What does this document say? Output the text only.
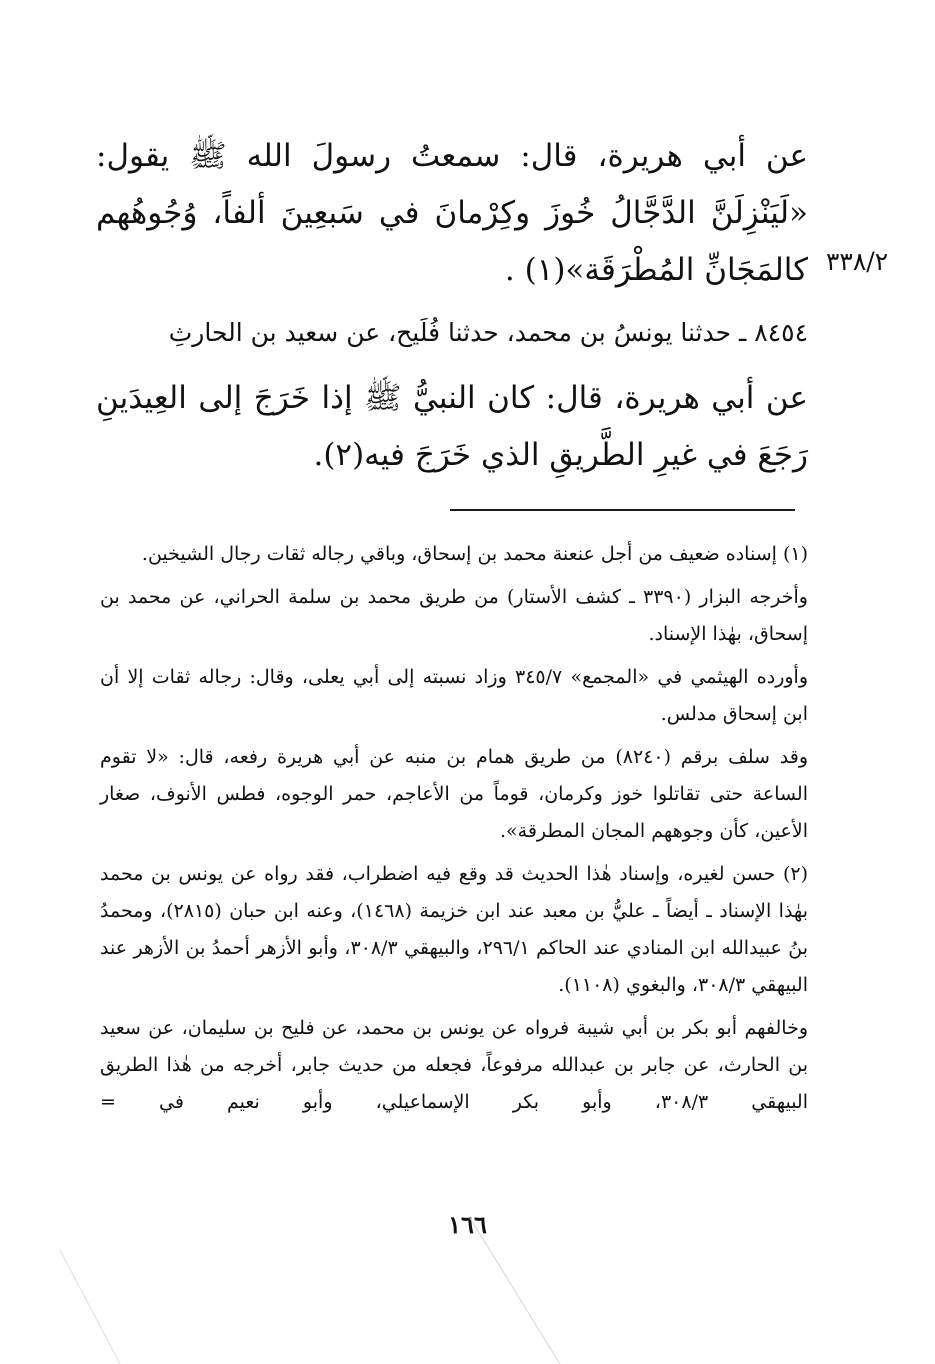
عن أبي هريرة، قال: سمعتُ رسولَ الله ﷺ يقول: «لَيَنْزِلَنَّ الدَّجَّالُ خُوزَ وكِرْمانَ في سَبعِينَ ألفاً، وُجُوهُهم كالمَجَانِّ المُطْرَقَة»(١) . ٣٣٨/٢
٨٤٥٤ ـ حدثنا يونسُ بن محمد، حدثنا فُلَيح، عن سعيد بن الحارثِ
عن أبي هريرة، قال: كان النبيُّ ﷺ إذا خَرَجَ إلى العِيدَينِ رَجَعَ في غيرِ الطَّريقِ الذي خَرَجَ فيه(٢).

(١) إسناده ضعيف من أجل عنعنة محمد بن إسحاق، وباقي رجاله ثقات رجال الشيخين.

وأخرجه البزار (٣٣٩٠ ـ كشف الأستار) من طريق محمد بن سلمة الحراني، عن محمد بن إسحاق، بهٰذا الإسناد.

وأورده الهيثمي في «المجمع» ٣٤٥/٧ وزاد نسبته إلى أبي يعلى، وقال: رجاله ثقات إلا أن ابن إسحاق مدلس.

وقد سلف برقم (٨٢٤٠) من طريق همام بن منبه عن أبي هريرة رفعه، قال: «لا تقوم الساعة حتى تقاتلوا خوز وكرمان، قوماً من الأعاجم، حمر الوجوه، فطس الأنوف، صغار الأعين، كأن وجوههم المجان المطرقة».

(٢) حسن لغيره، وإسناد هٰذا الحديث قد وقع فيه اضطراب، فقد رواه عن يونس بن محمد بهٰذا الإسناد ـ أيضاً ـ عليُّ بن معبد عند ابن خزيمة (١٤٦٨)، وعنه ابن حبان (٢٨١٥)، ومحمدُ بنُ عبيدالله ابن المنادي عند الحاكم ٢٩٦/١، والبيهقي ٣٠٨/٣، وأبو الأزهر أحمدُ بن الأزهر عند البيهقي ٣٠٨/٣، والبغوي (١١٠٨).

وخالفهم أبو بكر بن أبي شيبة فرواه عن يونس بن محمد، عن فليح بن سليمان، عن سعيد بن الحارث، عن جابر بن عبدالله مرفوعاً، فجعله من حديث جابر، أخرجه من هٰذا الطريق البيهقي ٣٠٨/٣، وأبو بكر الإسماعيلي، وأبو نعيم في =

١٦٦
